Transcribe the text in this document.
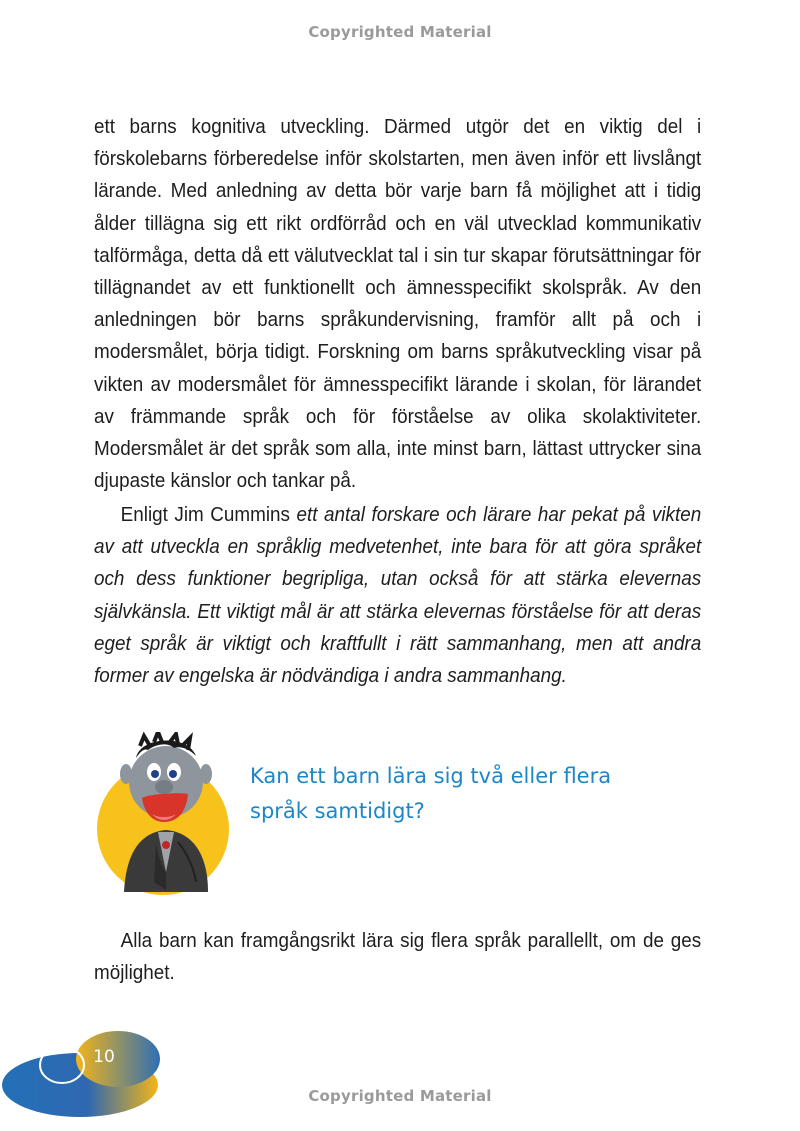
Copyrighted Material

ett barns kognitiva utveckling. Därmed utgör det en viktig del i förskolebarns förberedelse inför skolstarten, men även inför ett livslångt lärande. Med anledning av detta bör varje barn få möjlighet att i tidig ålder tillägna sig ett rikt ordförråd och en väl utvecklad kommunikativ talförmåga, detta då ett välutvecklat tal i sin tur skapar förutsättningar för tillägnandet av ett funktionellt och ämnesspecifikt skolspråk. Av den anledningen bör barns språkundervisning, framför allt på och i modersmålet, börja tidigt. Forskning om barns språkutveckling visar på vikten av modersmålet för ämnesspecifikt lärande i skolan, för lärandet av främmande språk och för förståelse av olika skolaktiviteter. Modersmålet är det språk som alla, inte minst barn, lättast uttrycker sina djupaste känslor och tankar på.

Enligt Jim Cummins ett antal forskare och lärare har pekat på vikten av att utveckla en språklig medvetenhet, inte bara för att göra språket och dess funktioner begripliga, utan också för att stärka elevernas självkänsla. Ett viktigt mål är att stärka elevernas förståelse för att deras eget språk är viktigt och kraftfullt i rätt sammanhang, men att andra former av engelska är nödvändiga i andra sammanhang.

Kan ett barn lära sig två eller flera
språk samtidigt?

Alla barn kan framgångsrikt lära sig flera språk parallellt, om de ges möjlighet.

10
Copyrighted Material
